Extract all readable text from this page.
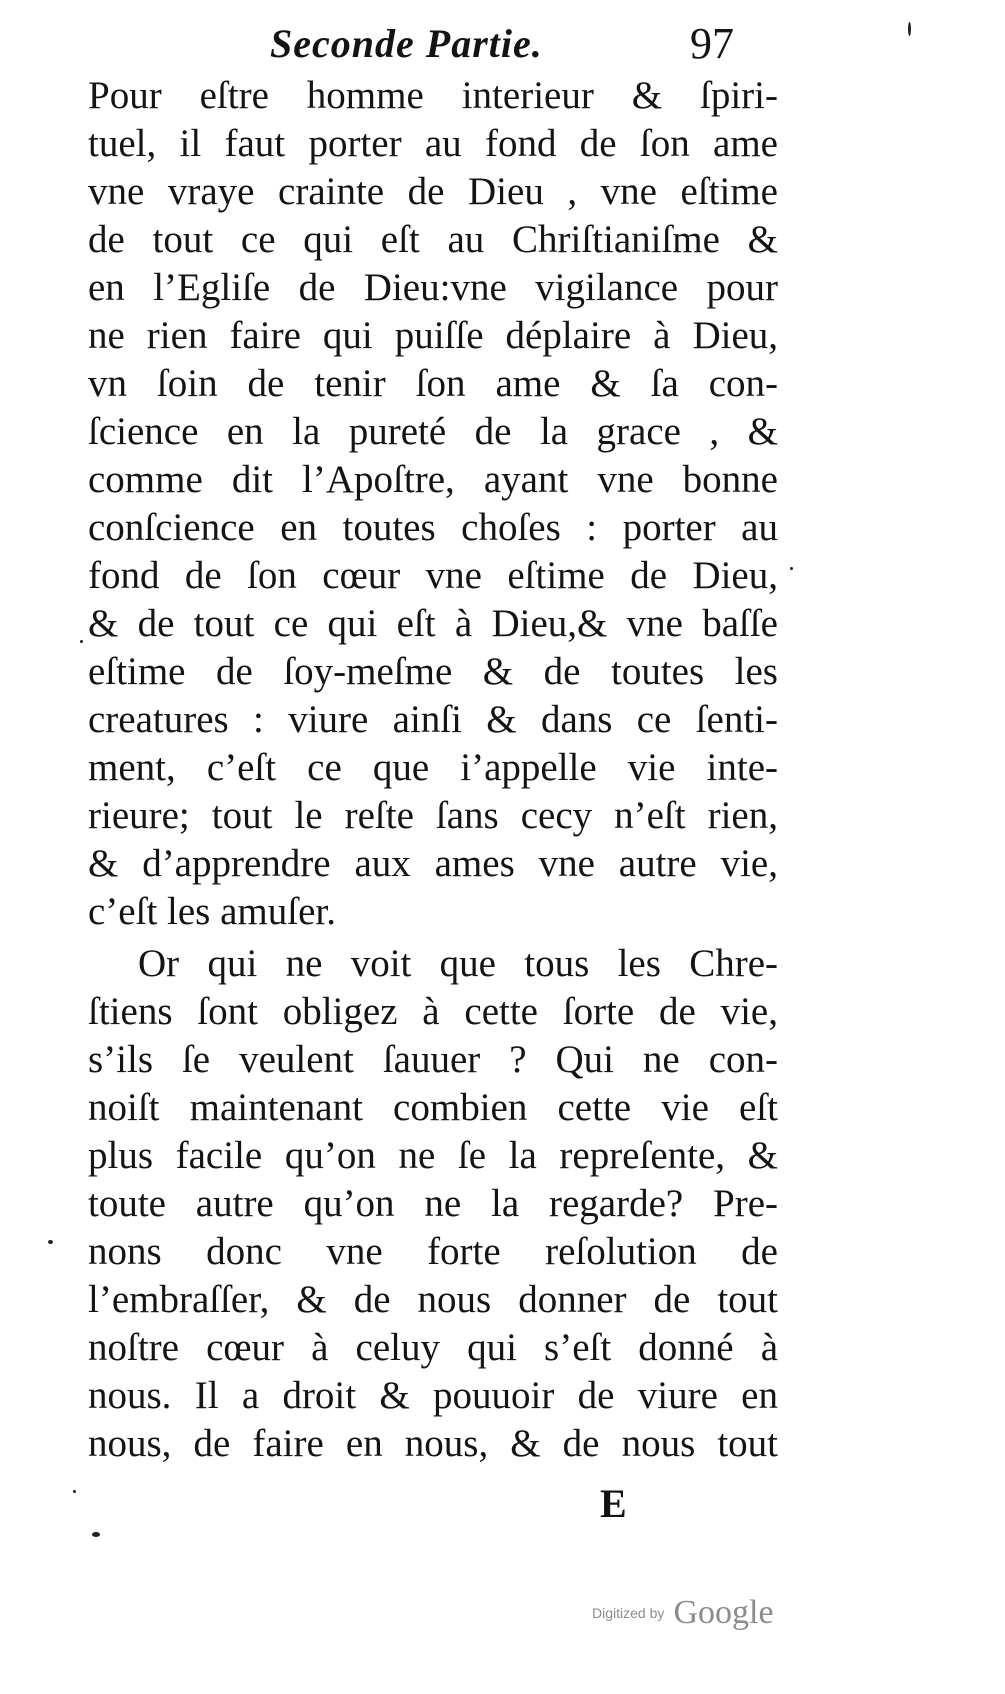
Seconde Partie.	97
Pour eſtre homme interieur & ſpiri-
tuel, il faut porter au fond de ſon ame
vne vraye crainte de Dieu , vne eſtime
de tout ce qui eſt au Chriſtianiſme &
en l’Egliſe de Dieu:vne vigilance pour
ne rien faire qui puiſſe déplaire à Dieu,
vn ſoin de tenir ſon ame & ſa con-
ſcience en la pureté de la grace , &
comme dit l’Apoſtre, ayant vne bonne
conſcience en toutes choſes : porter au
fond de ſon cœur vne eſtime de Dieu,
& de tout ce qui eſt à Dieu,& vne baſſe
eſtime de ſoy-meſme & de toutes les
creatures : viure ainſi & dans ce ſenti-
ment, c’eſt ce que i’appelle vie inte-
rieure; tout le reſte ſans cecy n’eſt rien,
& d’apprendre aux ames vne autre vie,
c’eſt les amuſer.
Or qui ne voit que tous les Chre-
ſtiens ſont obligez à cette ſorte de vie,
s’ils ſe veulent ſauuer ? Qui ne con-
noiſt maintenant combien cette vie eſt
plus facile qu’on ne ſe la repreſente, &
toute autre qu’on ne la regarde? Pre-
nons donc vne forte reſolution de
l’embraſſer, & de nous donner de tout
noſtre cœur à celuy qui s’eſt donné à
nous. Il a droit & pouuoir de viure en
nous, de faire en nous, & de nous tout
E
Digitized by Google
